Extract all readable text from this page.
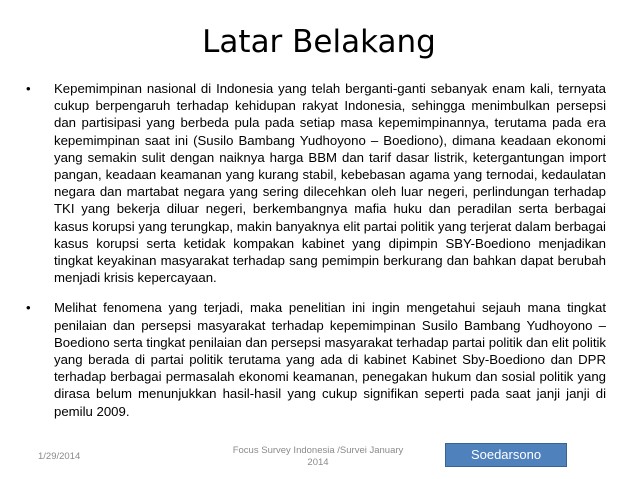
Latar Belakang
•	Kepemimpinan nasional di Indonesia yang telah berganti-ganti sebanyak enam kali, ternyata cukup berpengaruh terhadap kehidupan rakyat Indonesia, sehingga menimbulkan persepsi dan partisipasi yang berbeda pula pada setiap masa kepemimpinannya, terutama pada era kepemimpinan saat ini (Susilo Bambang Yudhoyono – Boediono), dimana keadaan ekonomi yang semakin sulit dengan naiknya harga BBM dan tarif dasar listrik, ketergantungan import pangan, keadaan keamanan yang kurang stabil, kebebasan agama yang ternodai, kedaulatan negara dan martabat negara yang sering dilecehkan oleh luar negeri, perlindungan terhadap TKI yang bekerja diluar negeri, berkembangnya mafia huku dan peradilan serta berbagai kasus korupsi yang terungkap, makin banyaknya elit partai politik yang terjerat dalam berbagai kasus korupsi serta ketidak kompakan kabinet yang dipimpin SBY-Boediono menjadikan tingkat keyakinan masyarakat terhadap sang pemimpin berkurang dan bahkan dapat berubah menjadi krisis kepercayaan.
•	Melihat fenomena yang terjadi, maka penelitian ini ingin mengetahui sejauh mana tingkat penilaian dan persepsi masyarakat terhadap kepemimpinan Susilo Bambang Yudhoyono – Boediono serta tingkat penilaian dan persepsi masyarakat terhadap partai politik dan elit politik yang berada di partai politik terutama yang ada di kabinet Kabinet Sby-Boediono dan DPR terhadap berbagai permasalah ekonomi keamanan, penegakan hukum dan sosial politik yang dirasa belum menunjukkan hasil-hasil yang cukup signifikan seperti pada saat janji janji di pemilu 2009.
1/29/2014
Focus Survey Indonesia /Survei January 2014
Soedarsono
